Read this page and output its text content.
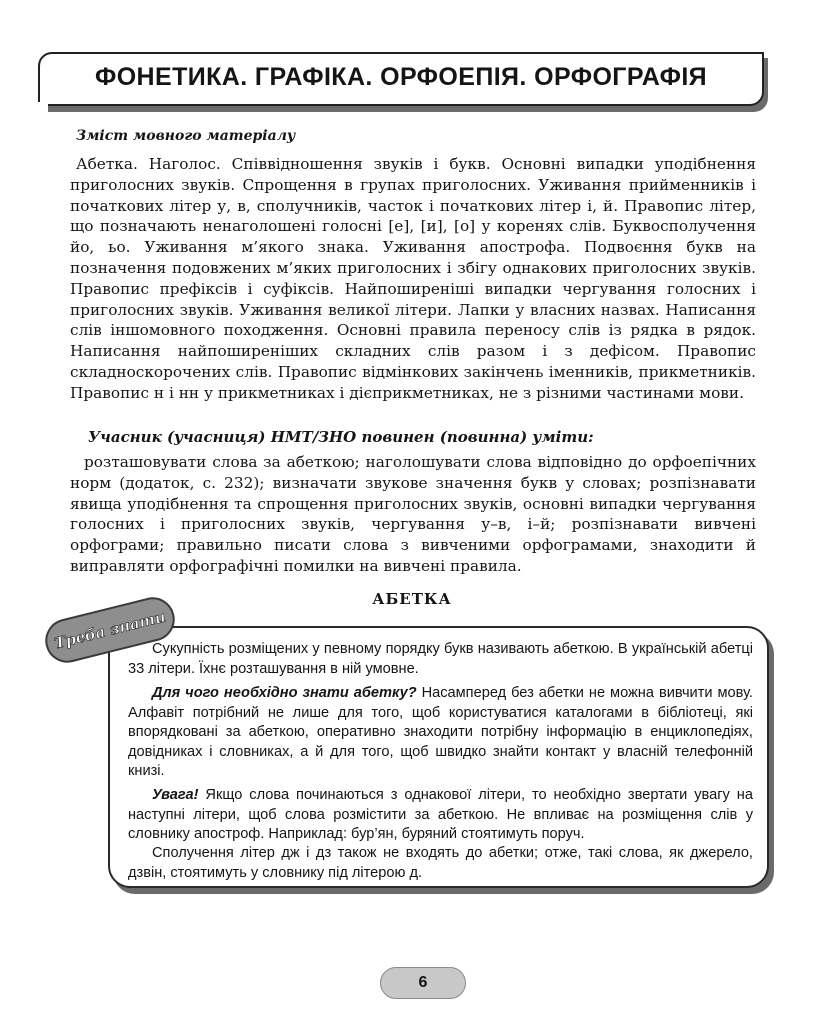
ФОНЕТИКА. ГРАФІКА. ОРФОЕПІЯ. ОРФОГРАФІЯ
Зміст мовного матеріалу
Абетка. Наголос. Співвідношення звуків і букв. Основні випадки уподібнення приголосних звуків. Спрощення в групах приголосних. Уживання прийменників і початкових літер у, в, сполучників, часток і початкових літер і, й. Правопис літер, що позначають ненаголошені голосні [е], [и], [о] у коренях слів. Буквосполучення йо, ьо. Уживання м’якого знака. Уживання апострофа. Подвоєння букв на позначення подовжених м’яких приголосних і збігу однакових приголосних звуків. Правопис префіксів і суфіксів. Найпоширеніші випадки чергування голосних і приголосних звуків. Уживання великої літери. Лапки у власних назвах. Написання слів іншомовного походження. Основні правила переносу слів із рядка в рядок. Написання найпоширеніших складних слів разом і з дефісом. Правопис складноскорочених слів. Правопис відмінкових закінчень іменників, прикметників. Правопис н і нн у прикметниках і дієприкметниках, не з різними частинами мови.
Учасник (учасниця) НМТ/ЗНО повинен (повинна) уміти:
розташовувати слова за абеткою; наголошувати слова відповідно до орфоепічних норм (додаток, с. 232); визначати звукове значення букв у словах; розпізнавати явища уподібнення та спрощення приголосних звуків, основні випадки чергування голосних і приголосних звуків, чергування у–в, і–й; розпізнавати вивчені орфограми; правильно писати слова з вивченими орфограмами, знаходити й виправляти орфографічні помилки на вивчені правила.
АБЕТКА
Сукупність розміщених у певному порядку букв називають абеткою. В українській абетці 33 літери. Їхнє розташування в ній умовне.
Для чого необхідно знати абетку? Насамперед без абетки не можна вивчити мову. Алфавіт потрібний не лише для того, щоб користуватися каталогами в бібліотеці, які впорядковані за абеткою, оперативно знаходити потрібну інформацію в енциклопедіях, довідниках і словниках, а й для того, щоб швидко знайти контакт у власній телефонній книзі.
Увага! Якщо слова починаються з однакової літери, то необхідно звертати увагу на наступні літери, щоб слова розмістити за абеткою. Не впливає на розміщення слів у словнику апостроф. Наприклад: бур’ян, буряний стоятимуть поруч.
Сполучення літер дж і дз також не входять до абетки; отже, такі слова, як джерело, дзвін, стоятимуть у словнику під літерою д.
Треба знати
6
